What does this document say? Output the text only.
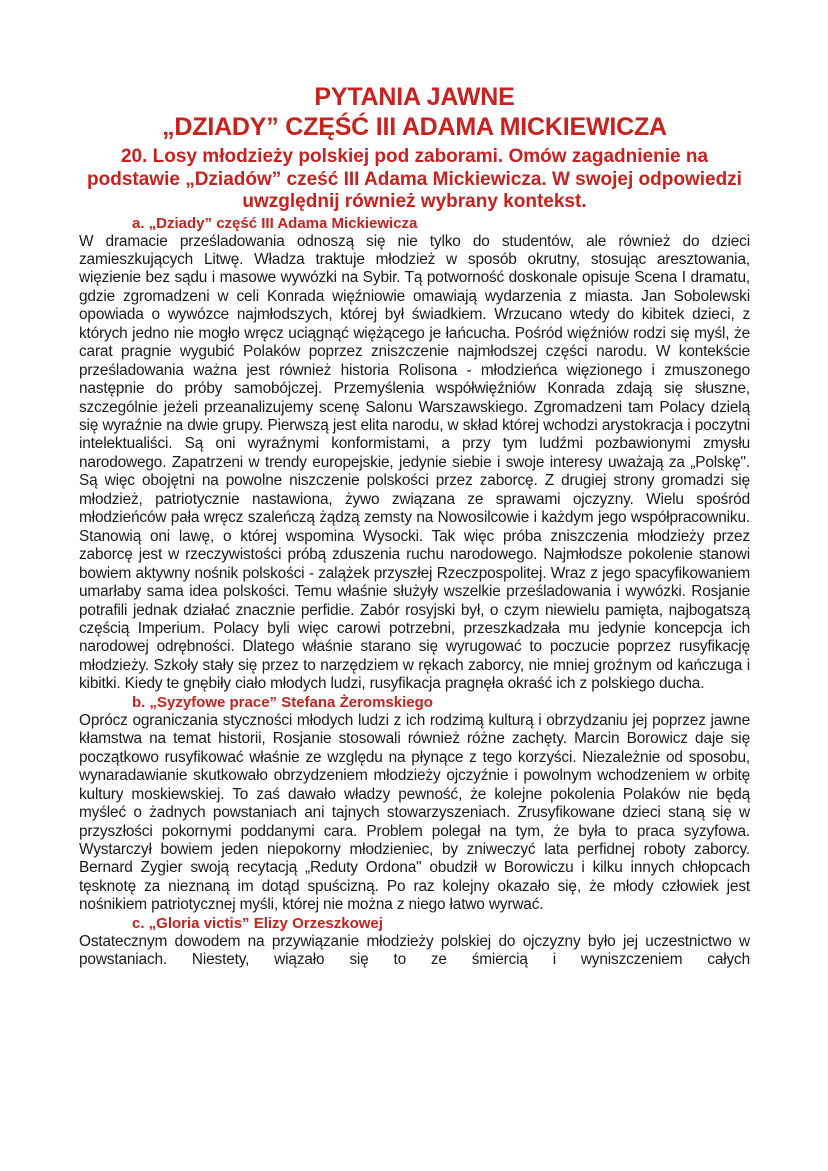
PYTANIA JAWNE
„DZIADY” CZĘŚĆ III ADAMA MICKIEWICZA
20. Losy młodzieży polskiej pod zaborami. Omów zagadnienie na podstawie „Dziadów” cześć III Adama Mickiewicza. W swojej odpowiedzi uwzględnij również wybrany kontekst.
a. „Dziady” część III Adama Mickiewicza

W dramacie prześladowania odnoszą się nie tylko do studentów, ale również do dzieci zamieszkujących Litwę. Władza traktuje młodzież w sposób okrutny, stosując aresztowania, więzienie bez sądu i masowe wywózki na Sybir. Tą potworność doskonale opisuje Scena I dramatu, gdzie zgromadzeni w celi Konrada więźniowie omawiają wydarzenia z miasta. Jan Sobolewski opowiada o wywózce najmłodszych, której był świadkiem. Wrzucano wtedy do kibitek dzieci, z których jedno nie mogło wręcz uciągnąć więżącego je łańcucha. Pośród więźniów rodzi się myśl, że carat pragnie wygubić Polaków poprzez zniszczenie najmłodszej części narodu. W kontekście prześladowania ważna jest również historia Rolisona - młodzieńca więzionego i zmuszonego następnie do próby samobójczej. Przemyślenia współwięźniów Konrada zdają się słuszne, szczególnie jeżeli przeanalizujemy scenę Salonu Warszawskiego. Zgromadzeni tam Polacy dzielą się wyraźnie na dwie grupy. Pierwszą jest elita narodu, w skład której wchodzi arystokracja i poczytni intelektualiści. Są oni wyraźnymi konformistami, a przy tym ludźmi pozbawionymi zmysłu narodowego. Zapatrzeni w trendy europejskie, jedynie siebie i swoje interesy uważają za „Polskę". Są więc obojętni na powolne niszczenie polskości przez zaborcę. Z drugiej strony gromadzi się młodzież, patriotycznie nastawiona, żywo związana ze sprawami ojczyzny. Wielu spośród młodzieńców pała wręcz szaleńczą żądzą zemsty na Nowosilcowie i każdym jego współpracowniku. Stanowią oni lawę, o której wspomina Wysocki. Tak więc próba zniszczenia młodzieży przez zaborcę jest w rzeczywistości próbą zduszenia ruchu narodowego. Najmłodsze pokolenie stanowi bowiem aktywny nośnik polskości - zalążek przyszłej Rzeczpospolitej. Wraz z jego spacyfikowaniem umarłaby sama idea polskości. Temu właśnie służyły wszelkie prześladowania i wywózki. Rosjanie potrafili jednak działać znacznie perfidie. Zabór rosyjski był, o czym niewielu pamięta, najbogatszą częścią Imperium. Polacy byli więc carowi potrzebni, przeszkadzała mu jedynie koncepcja ich narodowej odrębności. Dlatego właśnie starano się wyrugować to poczucie poprzez rusyfikację młodzieży. Szkoły stały się przez to narzędziem w rękach zaborcy, nie mniej groźnym od kańczuga i kibitki. Kiedy te gnębiły ciało młodych ludzi, rusyfikacja pragnęła okraść ich z polskiego ducha.

b. „Syzyfowe prace” Stefana Żeromskiego

Oprócz ograniczania styczności młodych ludzi z ich rodzimą kulturą i obrzydzaniu jej poprzez jawne kłamstwa na temat historii, Rosjanie stosowali również różne zachęty. Marcin Borowicz daje się początkowo rusyfikować właśnie ze względu na płynące z tego korzyści. Niezależnie od sposobu, wynaradawianie skutkowało obrzydzeniem młodzieży ojczyźnie i powolnym wchodzeniem w orbitę kultury moskiewskiej. To zaś dawało władzy pewność, że kolejne pokolenia Polaków nie będą myśleć o żadnych powstaniach ani tajnych stowarzyszeniach. Zrusyfikowane dzieci staną się w przyszłości pokornymi poddanymi cara. Problem polegał na tym, że była to praca syzyfowa. Wystarczył bowiem jeden niepokorny młodzieniec, by zniweczyć lata perfidnej roboty zaborcy. Bernard Zygier swoją recytacją „Reduty Ordona" obudził w Borowiczu i kilku innych chłopcach tęsknotę za nieznaną im dotąd spuścizną. Po raz kolejny okazało się, że młody człowiek jest nośnikiem patriotycznej myśli, której nie można z niego łatwo wyrwać.

c. „Gloria victis” Elizy Orzeszkowej

Ostatecznym dowodem na przywiązanie młodzieży polskiej do ojczyzny było jej uczestnictwo w powstaniach. Niestety, wiązało się to ze śmiercią i wyniszczeniem całych
